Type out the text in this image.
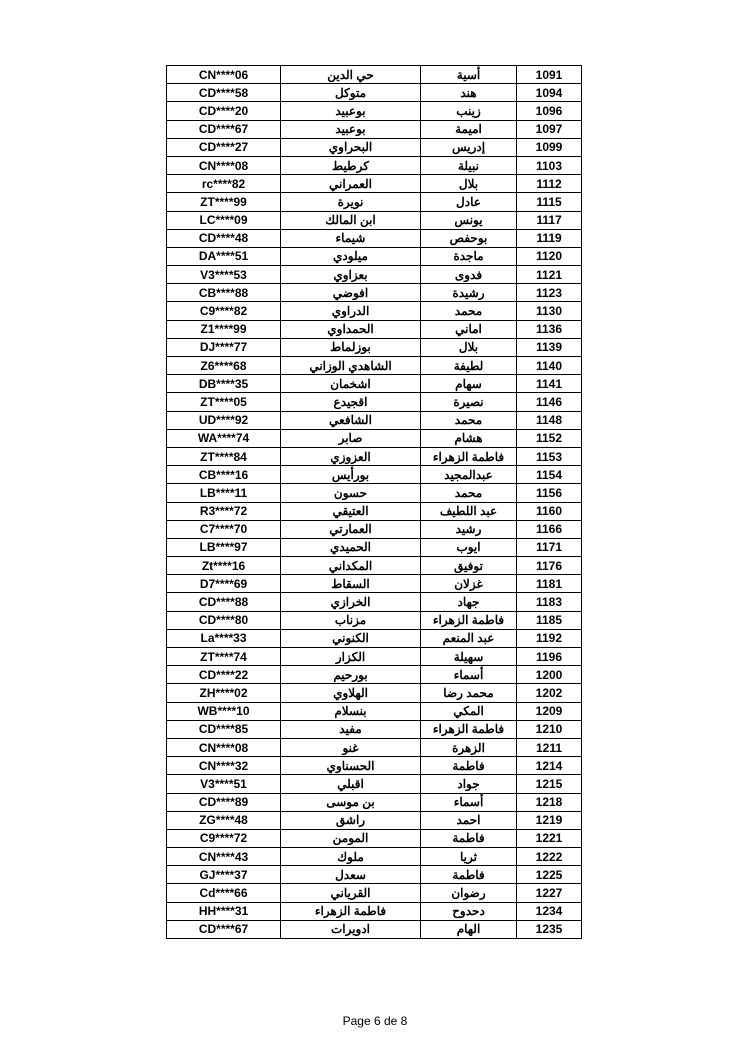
CN****06	حي الدين	أسية	1091
CD****58	متوكل	هند	1094
CD****20	بوعبيد	زينب	1096
CD****67	بوعبيد	اميمة	1097
CD****27	البحراوي	إدريس	1099
CN****08	كرطيط	نبيلة	1103
rc****82	العمراني	بلال	1112
ZT****99	نويرة	عادل	1115
LC****09	ابن المالك	يونس	1117
CD****48	شيماء	بوحفص	1119
DA****51	ميلودي	ماجدة	1120
V3****53	بعزاوي	فدوى	1121
CB****88	افوضي	رشيدة	1123
C9****82	الدراوي	محمد	1130
Z1****99	الحمداوي	اماني	1136
DJ****77	بوزلماط	بلال	1139
Z6****68	الشاهدي الوزاني	لطيفة	1140
DB****35	اشخمان	سهام	1141
ZT****05	اقجيدع	نصيرة	1146
UD****92	الشافعي	محمد	1148
WA****74	صابر	هشام	1152
ZT****84	العزوزي	فاطمة الزهراء	1153
CB****16	بورأيس	عبدالمجيد	1154
LB****11	حسون	محمد	1156
R3****72	العتيقي	عبد اللطيف	1160
C7****70	العمارتي	رشيد	1166
LB****97	الحميدي	ايوب	1171
Zt****16	المكداني	توفيق	1176
D7****69	السقاط	غزلان	1181
CD****88	الخرازي	جهاد	1183
CD****80	مزناب	فاطمة الزهراء	1185
La****33	الكنوني	عبد المنعم	1192
ZT****74	الكزار	سهيلة	1196
CD****22	بورحيم	أسماء	1200
ZH****02	الهلاوي	محمد رضا	1202
WB****10	بنسلام	المكي	1209
CD****85	مفيد	فاطمة الزهراء	1210
CN****08	غنو	الزهرة	1211
CN****32	الحسناوي	فاطمة	1214
V3****51	اقبلي	جواد	1215
CD****89	بن موسى	أسماء	1218
ZG****48	راشق	احمد	1219
C9****72	المومن	فاطمة	1221
CN****43	ملوك	ثريا	1222
GJ****37	سعدل	فاطمة	1225
Cd****66	القرياني	رضوان	1227
HH****31	فاطمة الزهراء	دحدوح	1234
CD****67	ادويرات	الهام	1235
Page 6 de 8
